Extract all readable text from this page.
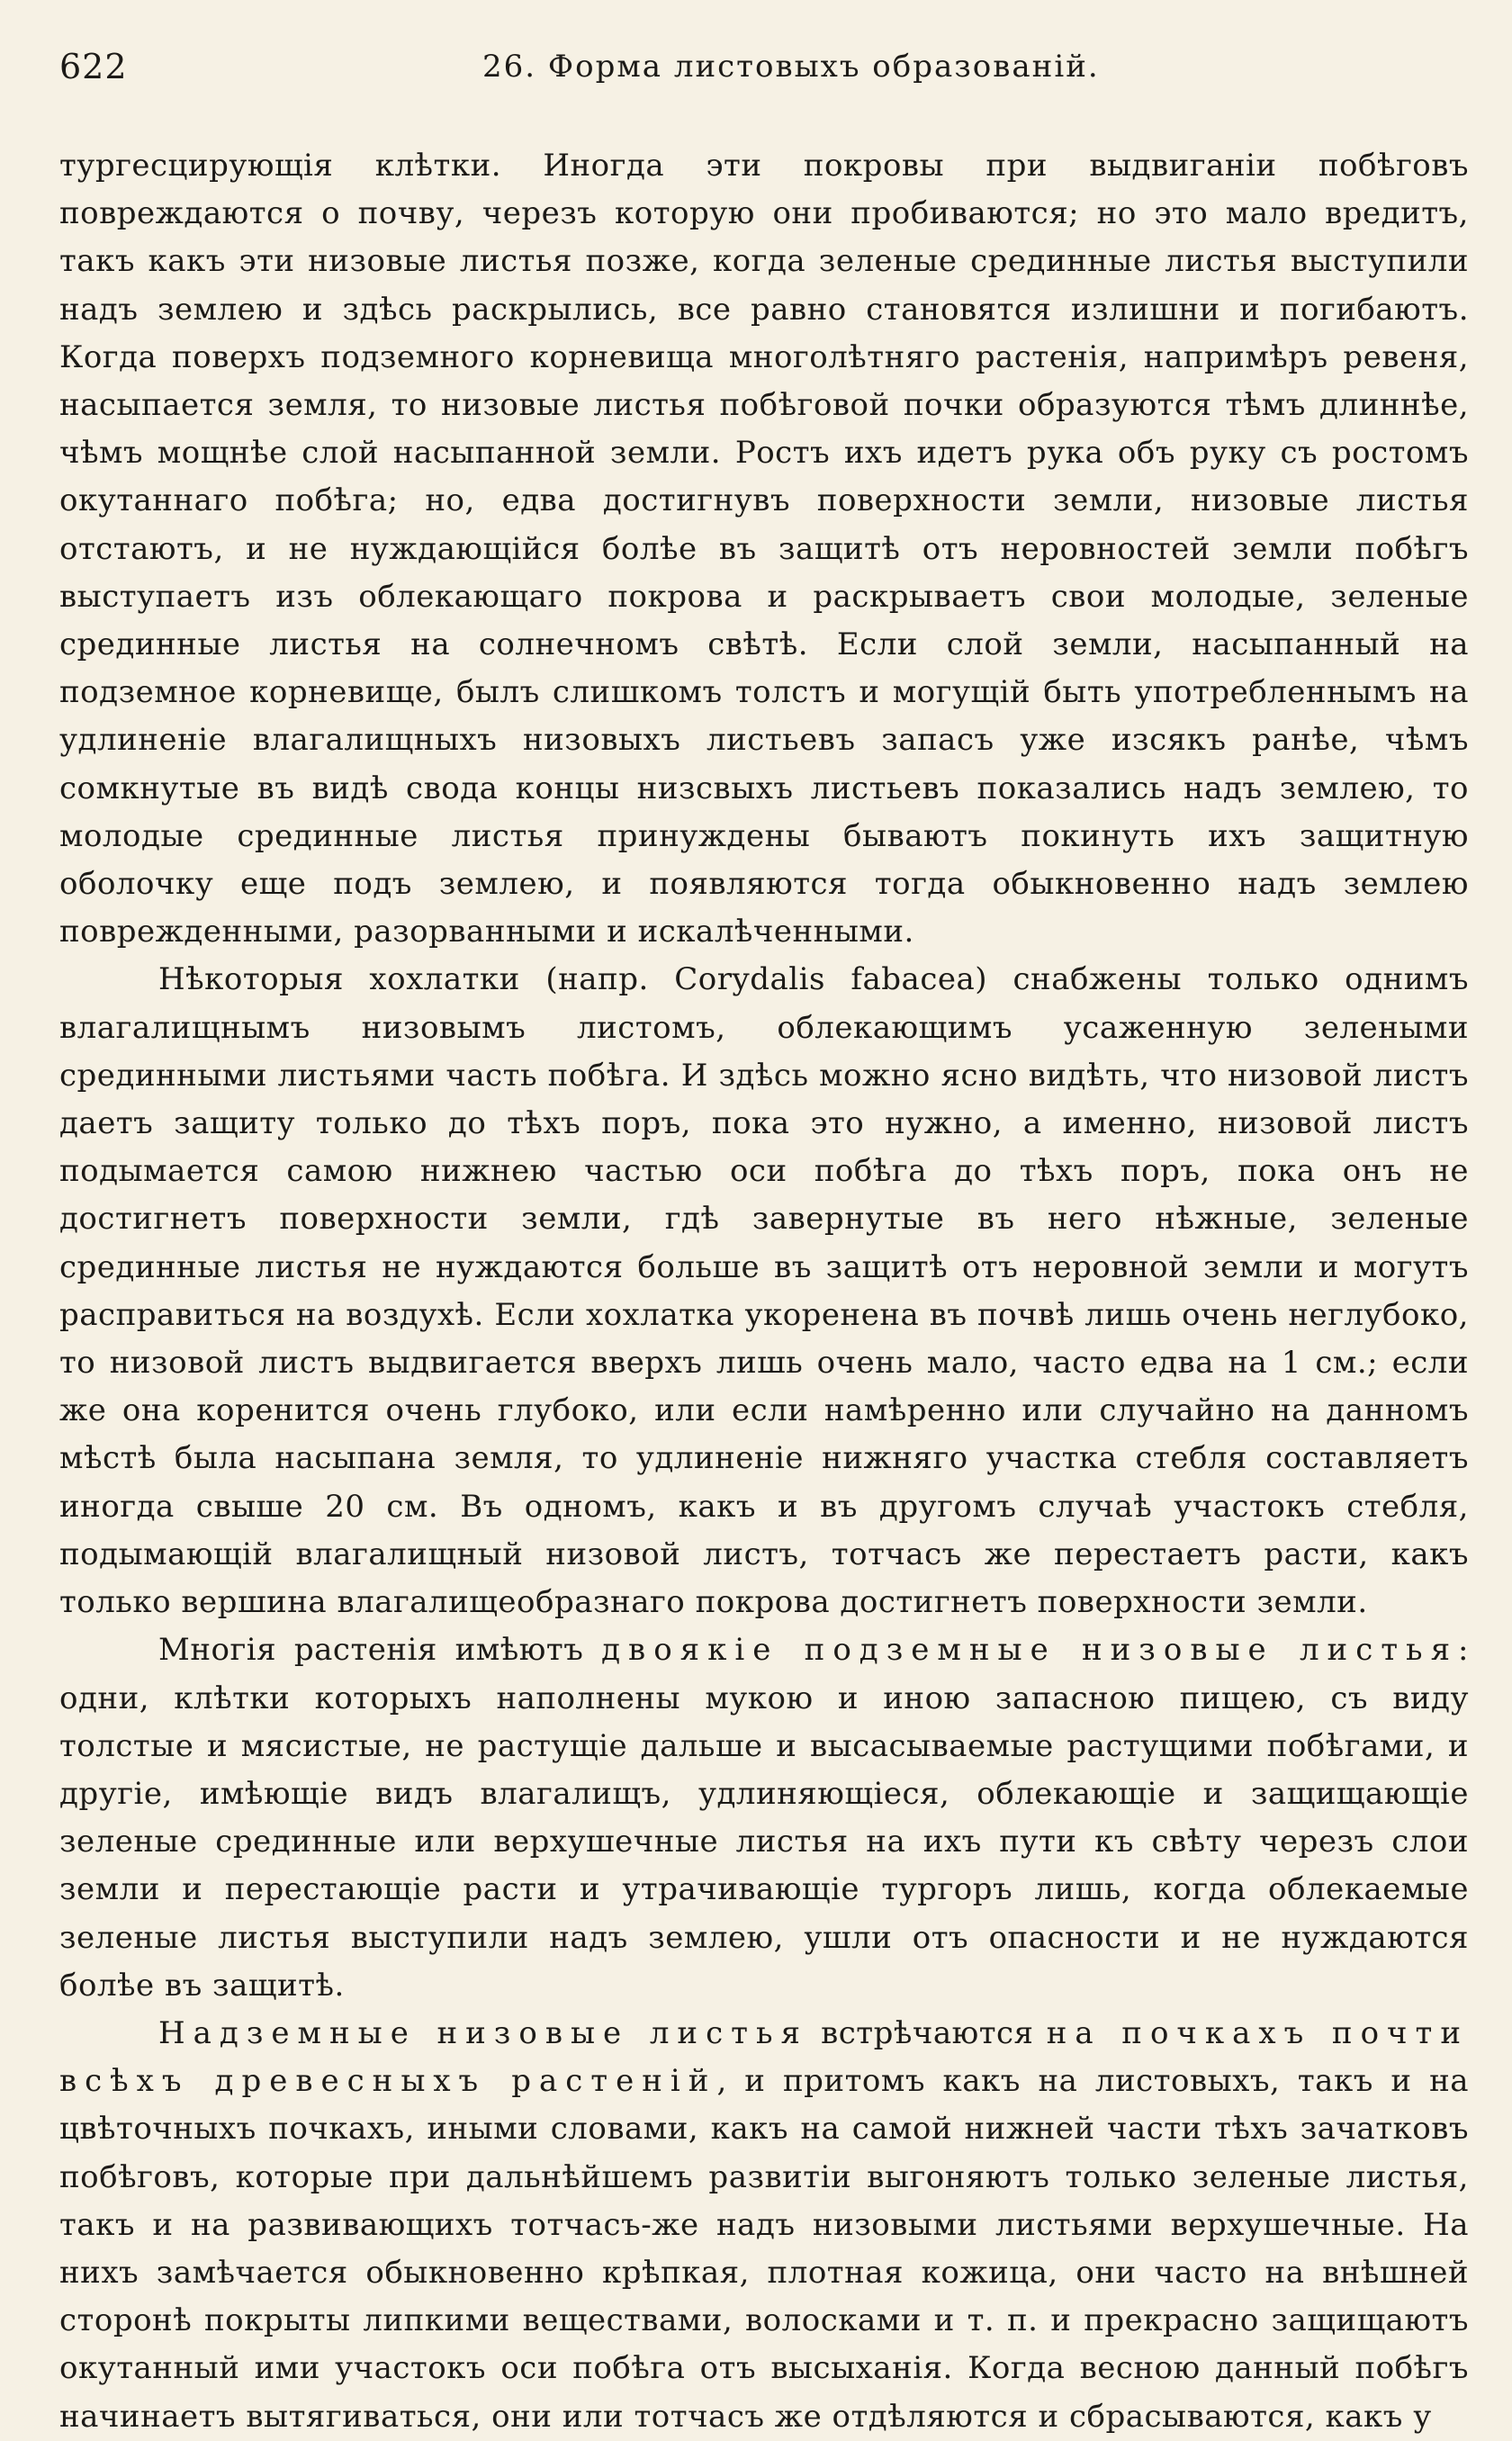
622	26. Форма листовыхъ образованій.

тургесцирующія клѣтки. Иногда эти покровы при выдвиганіи побѣговъ повреждаются о почву, черезъ которую они пробиваются; но это мало вредитъ, такъ какъ эти низовые листья позже, когда зеленые срединные листья выступили надъ землею и здѣсь раскрылись, все равно становятся излишни и погибаютъ. Когда поверхъ подземного корневища многолѣтняго растенія, напримѣръ ревеня, насыпается земля, то низовые листья побѣговой почки образуются тѣмъ длиннѣе, чѣмъ мощнѣе слой насыпанной земли. Ростъ ихъ идетъ рука объ руку съ ростомъ окутаннаго побѣга; но, едва достигнувъ поверхности земли, низовые листья отстаютъ, и не нуждающійся болѣе въ защитѣ отъ неровностей земли побѣгъ выступаетъ изъ облекающаго покрова и раскрываетъ свои молодые, зеленые срединные листья на солнечномъ свѣтѣ. Если слой земли, насыпанный на подземное корневище, былъ слишкомъ толстъ и могущій быть употребленнымъ на удлиненіе влагалищныхъ низовыхъ листьевъ запасъ уже изсякъ ранѣе, чѣмъ сомкнутые въ видѣ свода концы низсвыхъ листьевъ показались надъ землею, то молодые срединные листья принуждены бываютъ покинуть ихъ защитную оболочку еще подъ землею, и появляются тогда обыкновенно надъ землею поврежденными, разорванными и искалѣченными.

Нѣкоторыя хохлатки (напр. Corydalis fabacea) снабжены только однимъ влагалищнымъ низовымъ листомъ, облекающимъ усаженную зелеными срединными листьями часть побѣга. И здѣсь можно ясно видѣть, что низовой листъ даетъ защиту только до тѣхъ поръ, пока это нужно, а именно, низовой листъ подымается самою нижнею частью оси побѣга до тѣхъ поръ, пока онъ не достигнетъ поверхности земли, гдѣ завернутые въ него нѣжные, зеленые срединные листья не нуждаются больше въ защитѣ отъ неровной земли и могутъ расправиться на воздухѣ. Если хохлатка укоренена въ почвѣ лишь очень неглубоко, то низовой листъ выдвигается вверхъ лишь очень мало, часто едва на 1 см.; если же она коренится очень глубоко, или если намѣренно или случайно на данномъ мѣстѣ была насыпана земля, то удлиненіе нижняго участка стебля составляетъ иногда свыше 20 см. Въ одномъ, какъ и въ другомъ случаѣ участокъ стебля, подымающій влагалищный низовой листъ, тотчасъ же перестаетъ расти, какъ только вершина влагалищеобразнаго покрова достигнетъ поверхности земли.

Многія растенія имѣютъ двоякіе подземные низовые листья: одни, клѣтки которыхъ наполнены мукою и иною запасною пищею, съ виду толстые и мясистые, не растущіе дальше и высасываемые растущими побѣгами, и другіе, имѣющіе видъ влагалищъ, удлиняющіеся, облекающіе и защищающіе зеленые срединные или верхушечные листья на ихъ пути къ свѣту черезъ слои земли и перестающіе расти и утрачивающіе тургоръ лишь, когда облекаемые зеленые листья выступили надъ землею, ушли отъ опасности и не нуждаются болѣе въ защитѣ.

Надземные низовые листья встрѣчаются на почкахъ почти всѣхъ древесныхъ растеній, и притомъ какъ на листовыхъ, такъ и на цвѣточныхъ почкахъ, иными словами, какъ на самой нижней части тѣхъ зачатковъ побѣговъ, которые при дальнѣйшемъ развитіи выгоняютъ только зеленые листья, такъ и на развивающихъ тотчасъ-же надъ низовыми листьями верхушечные. На нихъ замѣчается обыкновенно крѣпкая, плотная кожица, они часто на внѣшней сторонѣ покрыты липкими веществами, волосками и т. п. и прекрасно защищаютъ окутанный ими участокъ оси побѣга отъ высыханія. Когда весною данный побѣгъ начинаетъ вытягиваться, они или тотчасъ же отдѣляются и сбрасываются, какъ у
